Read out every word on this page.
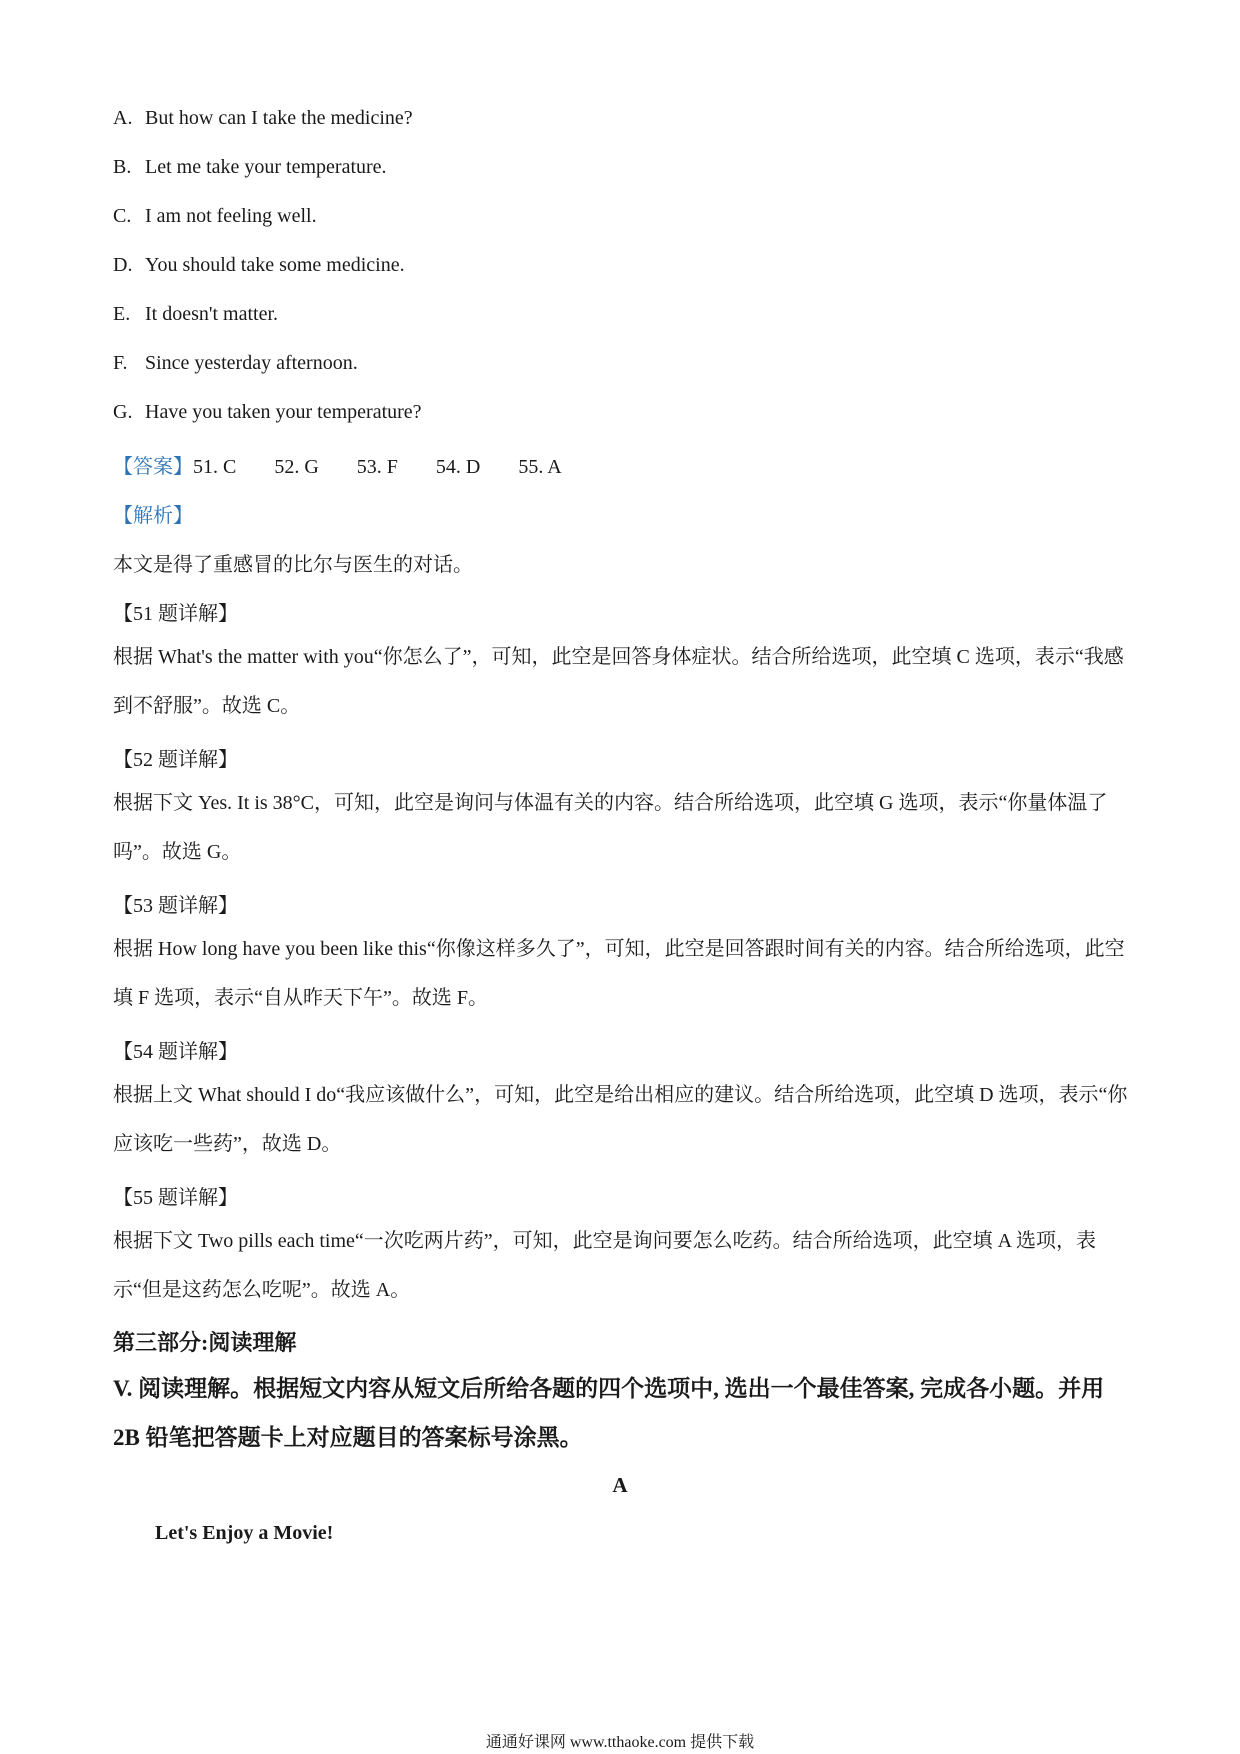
A. But how can I take the medicine?
B. Let me take your temperature.
C. I am not feeling well.
D. You should take some medicine.
E. It doesn't matter.
F. Since yesterday afternoon.
G. Have you taken your temperature?
【答案】51. C 52. G 53. F 54. D 55. A
【解析】
本文是得了重感冒的比尔与医生的对话。
【51 题详解】
根据 What's the matter with you“你怎么了”，可知，此空是回答身体症状。结合所给选项，此空填 C 选项，表示“我感到不舒服”。故选 C。
【52 题详解】
根据下文 Yes. It is 38°C，可知，此空是询问与体温有关的内容。结合所给选项，此空填 G 选项，表示“你量体温了吗”。故选 G。
【53 题详解】
根据 How long have you been like this“你像这样多久了”，可知，此空是回答跟时间有关的内容。结合所给选项，此空填 F 选项，表示“自从昨天下午”。故选 F。
【54 题详解】
根据上文 What should I do“我应该做什么”，可知，此空是给出相应的建议。结合所给选项，此空填 D 选项，表示“你应该吃一些药”，故选 D。
【55 题详解】
根据下文 Two pills each time“一次吃两片药”，可知，此空是询问要怎么吃药。结合所给选项，此空填 A 选项，表示“但是这药怎么吃呢”。故选 A。
第三部分:阅读理解
V. 阅读理解。根据短文内容从短文后所给各题的四个选项中, 选出一个最佳答案, 完成各小题。并用 2B 铅笔把答题卡上对应题目的答案标号涂黑。
A
Let's Enjoy a Movie!
通通好课网 www.tthaoke.com 提供下载
